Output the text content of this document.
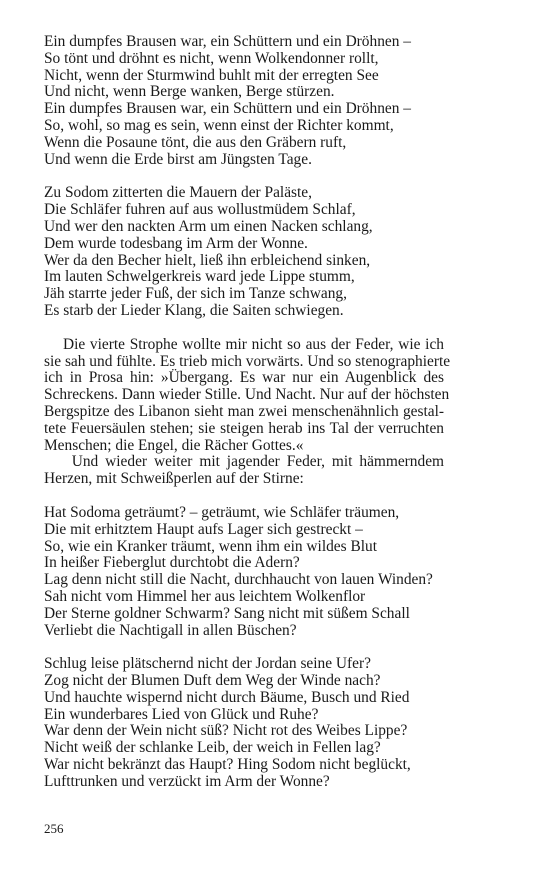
Ein dumpfes Brausen war, ein Schüttern und ein Dröhnen –
So tönt und dröhnt es nicht, wenn Wolkendonner rollt,
Nicht, wenn der Sturmwind buhlt mit der erregten See
Und nicht, wenn Berge wanken, Berge stürzen.
Ein dumpfes Brausen war, ein Schüttern und ein Dröhnen –
So, wohl, so mag es sein, wenn einst der Richter kommt,
Wenn die Posaune tönt, die aus den Gräbern ruft,
Und wenn die Erde birst am Jüngsten Tage.
Zu Sodom zitterten die Mauern der Paläste,
Die Schläfer fuhren auf aus wollustmüdem Schlaf,
Und wer den nackten Arm um einen Nacken schlang,
Dem wurde todesbang im Arm der Wonne.
Wer da den Becher hielt, ließ ihn erbleichend sinken,
Im lauten Schwelgerkreis ward jede Lippe stumm,
Jäh starrte jeder Fuß, der sich im Tanze schwang,
Es starb der Lieder Klang, die Saiten schwiegen.
Die vierte Strophe wollte mir nicht so aus der Feder, wie ich
sie sah und fühlte. Es trieb mich vorwärts. Und so stenographierte
ich in Prosa hin: »Übergang. Es war nur ein Augenblick des
Schreckens. Dann wieder Stille. Und Nacht. Nur auf der höchsten
Bergspitze des Libanon sieht man zwei menschenähnlich gestal-
tete Feuersäulen stehen; sie steigen herab ins Tal der verruchten
Menschen; die Engel, die Rächer Gottes.«
Und wieder weiter mit jagender Feder, mit hämmerndem
Herzen, mit Schweißperlen auf der Stirne:
Hat Sodoma geträumt? – geträumt, wie Schläfer träumen,
Die mit erhitztem Haupt aufs Lager sich gestreckt –
So, wie ein Kranker träumt, wenn ihm ein wildes Blut
In heißer Fieberglut durchtobt die Adern?
Lag denn nicht still die Nacht, durchhaucht von lauen Winden?
Sah nicht vom Himmel her aus leichtem Wolkenflor
Der Sterne goldner Schwarm? Sang nicht mit süßem Schall
Verliebt die Nachtigall in allen Büschen?
Schlug leise plätschernd nicht der Jordan seine Ufer?
Zog nicht der Blumen Duft dem Weg der Winde nach?
Und hauchte wispernd nicht durch Bäume, Busch und Ried
Ein wunderbares Lied von Glück und Ruhe?
War denn der Wein nicht süß? Nicht rot des Weibes Lippe?
Nicht weiß der schlanke Leib, der weich in Fellen lag?
War nicht bekränzt das Haupt? Hing Sodom nicht beglückt,
Lufttrunken und verzückt im Arm der Wonne?
256
